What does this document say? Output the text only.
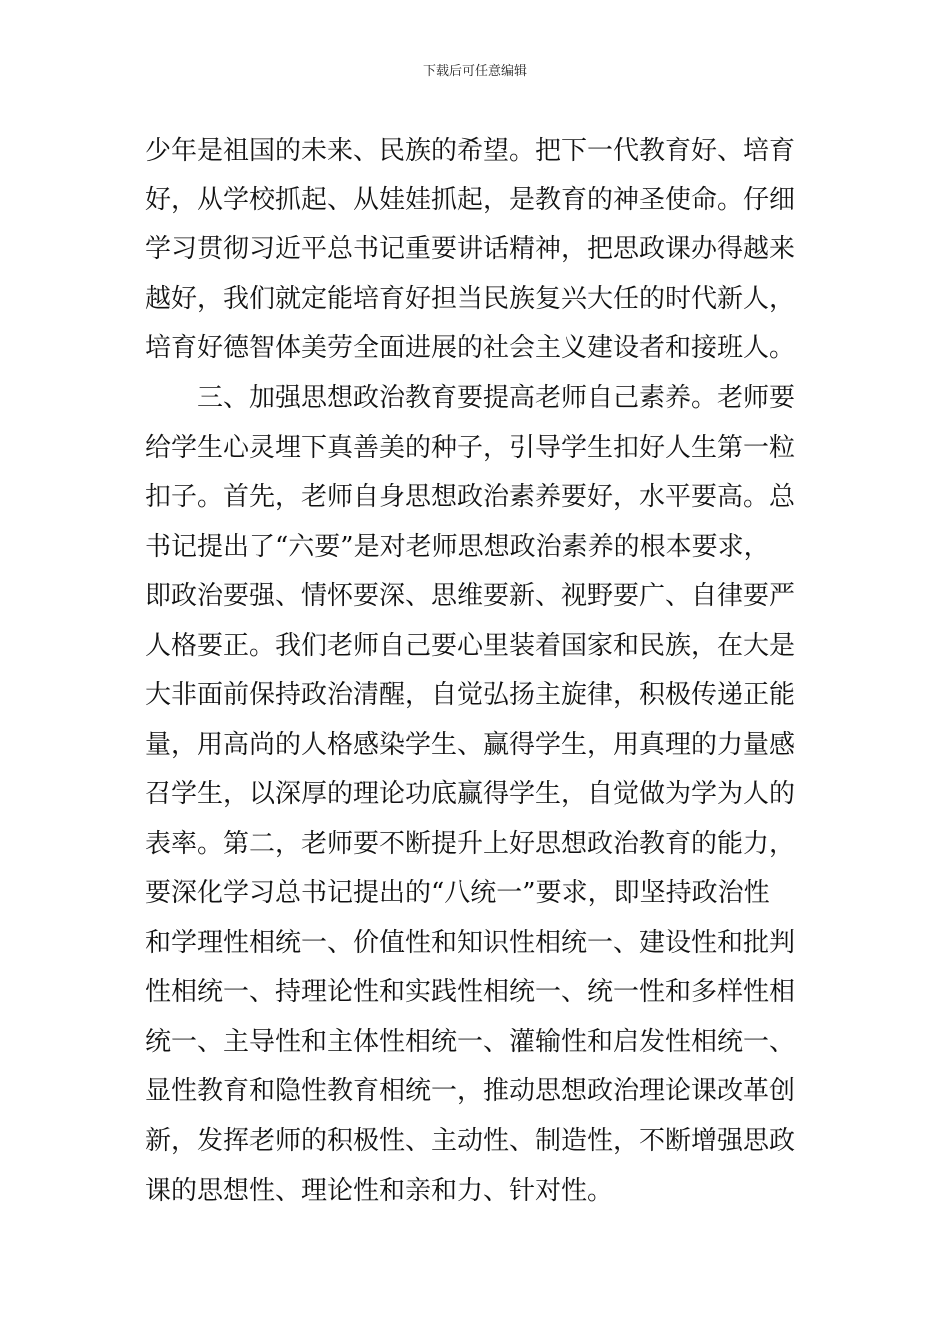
下载后可任意编辑
少年是祖国的未来、民族的希望。把下一代教育好、培育
好，从学校抓起、从娃娃抓起，是教育的神圣使命。仔细
学习贯彻习近平总书记重要讲话精神，把思政课办得越来
越好，我们就定能培育好担当民族复兴大任的时代新人，
培育好德智体美劳全面进展的社会主义建设者和接班人。
　　三、加强思想政治教育要提高老师自己素养。老师要
给学生心灵埋下真善美的种子，引导学生扣好人生第一粒
扣子。首先，老师自身思想政治素养要好，水平要高。总
书记提出了“六要”是对老师思想政治素养的根本要求，
即政治要强、情怀要深、思维要新、视野要广、自律要严
人格要正。我们老师自己要心里装着国家和民族，在大是
大非面前保持政治清醒，自觉弘扬主旋律，积极传递正能
量，用高尚的人格感染学生、赢得学生，用真理的力量感
召学生，以深厚的理论功底赢得学生，自觉做为学为人的
表率。第二，老师要不断提升上好思想政治教育的能力，
要深化学习总书记提出的“八统一”要求，即坚持政治性
和学理性相统一、价值性和知识性相统一、建设性和批判
性相统一、持理论性和实践性相统一、统一性和多样性相
统一、主导性和主体性相统一、灌输性和启发性相统一、
显性教育和隐性教育相统一，推动思想政治理论课改革创
新，发挥老师的积极性、主动性、制造性，不断增强思政
课的思想性、理论性和亲和力、针对性。
